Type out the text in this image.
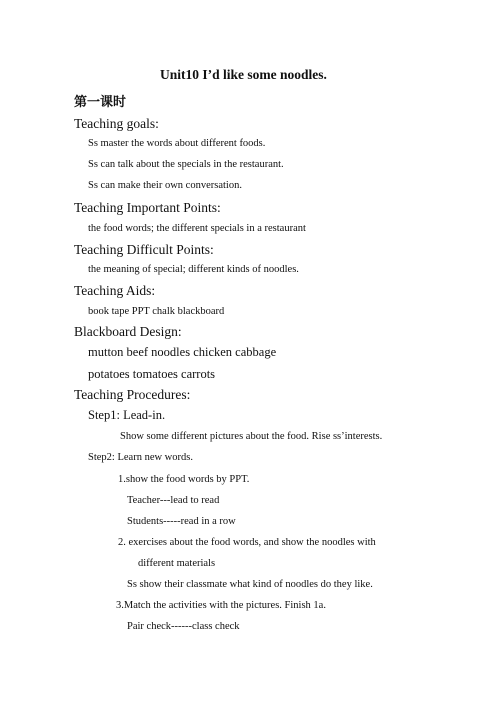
Unit10 I’d like some noodles.
第一课时
Teaching goals:
Ss master the words about different foods.
Ss can talk about the specials in the restaurant.
Ss can make their own conversation.
Teaching Important Points:
the food words; the different specials in a restaurant
Teaching Difficult Points:
the meaning of special; different kinds of noodles.
Teaching Aids:
book tape PPT chalk blackboard
Blackboard Design:
mutton beef noodles chicken cabbage
potatoes tomatoes carrots
Teaching Procedures:
Step1: Lead-in.
Show some different pictures about the food. Rise ss’interests.
Step2: Learn new words.
1.show the food words by PPT.
Teacher---lead to read
Students-----read in a row
2. exercises about the food words, and show the noodles with
different materials
Ss show their classmate what kind of noodles do they like.
3.Match the activities with the pictures. Finish 1a.
Pair check------class check
